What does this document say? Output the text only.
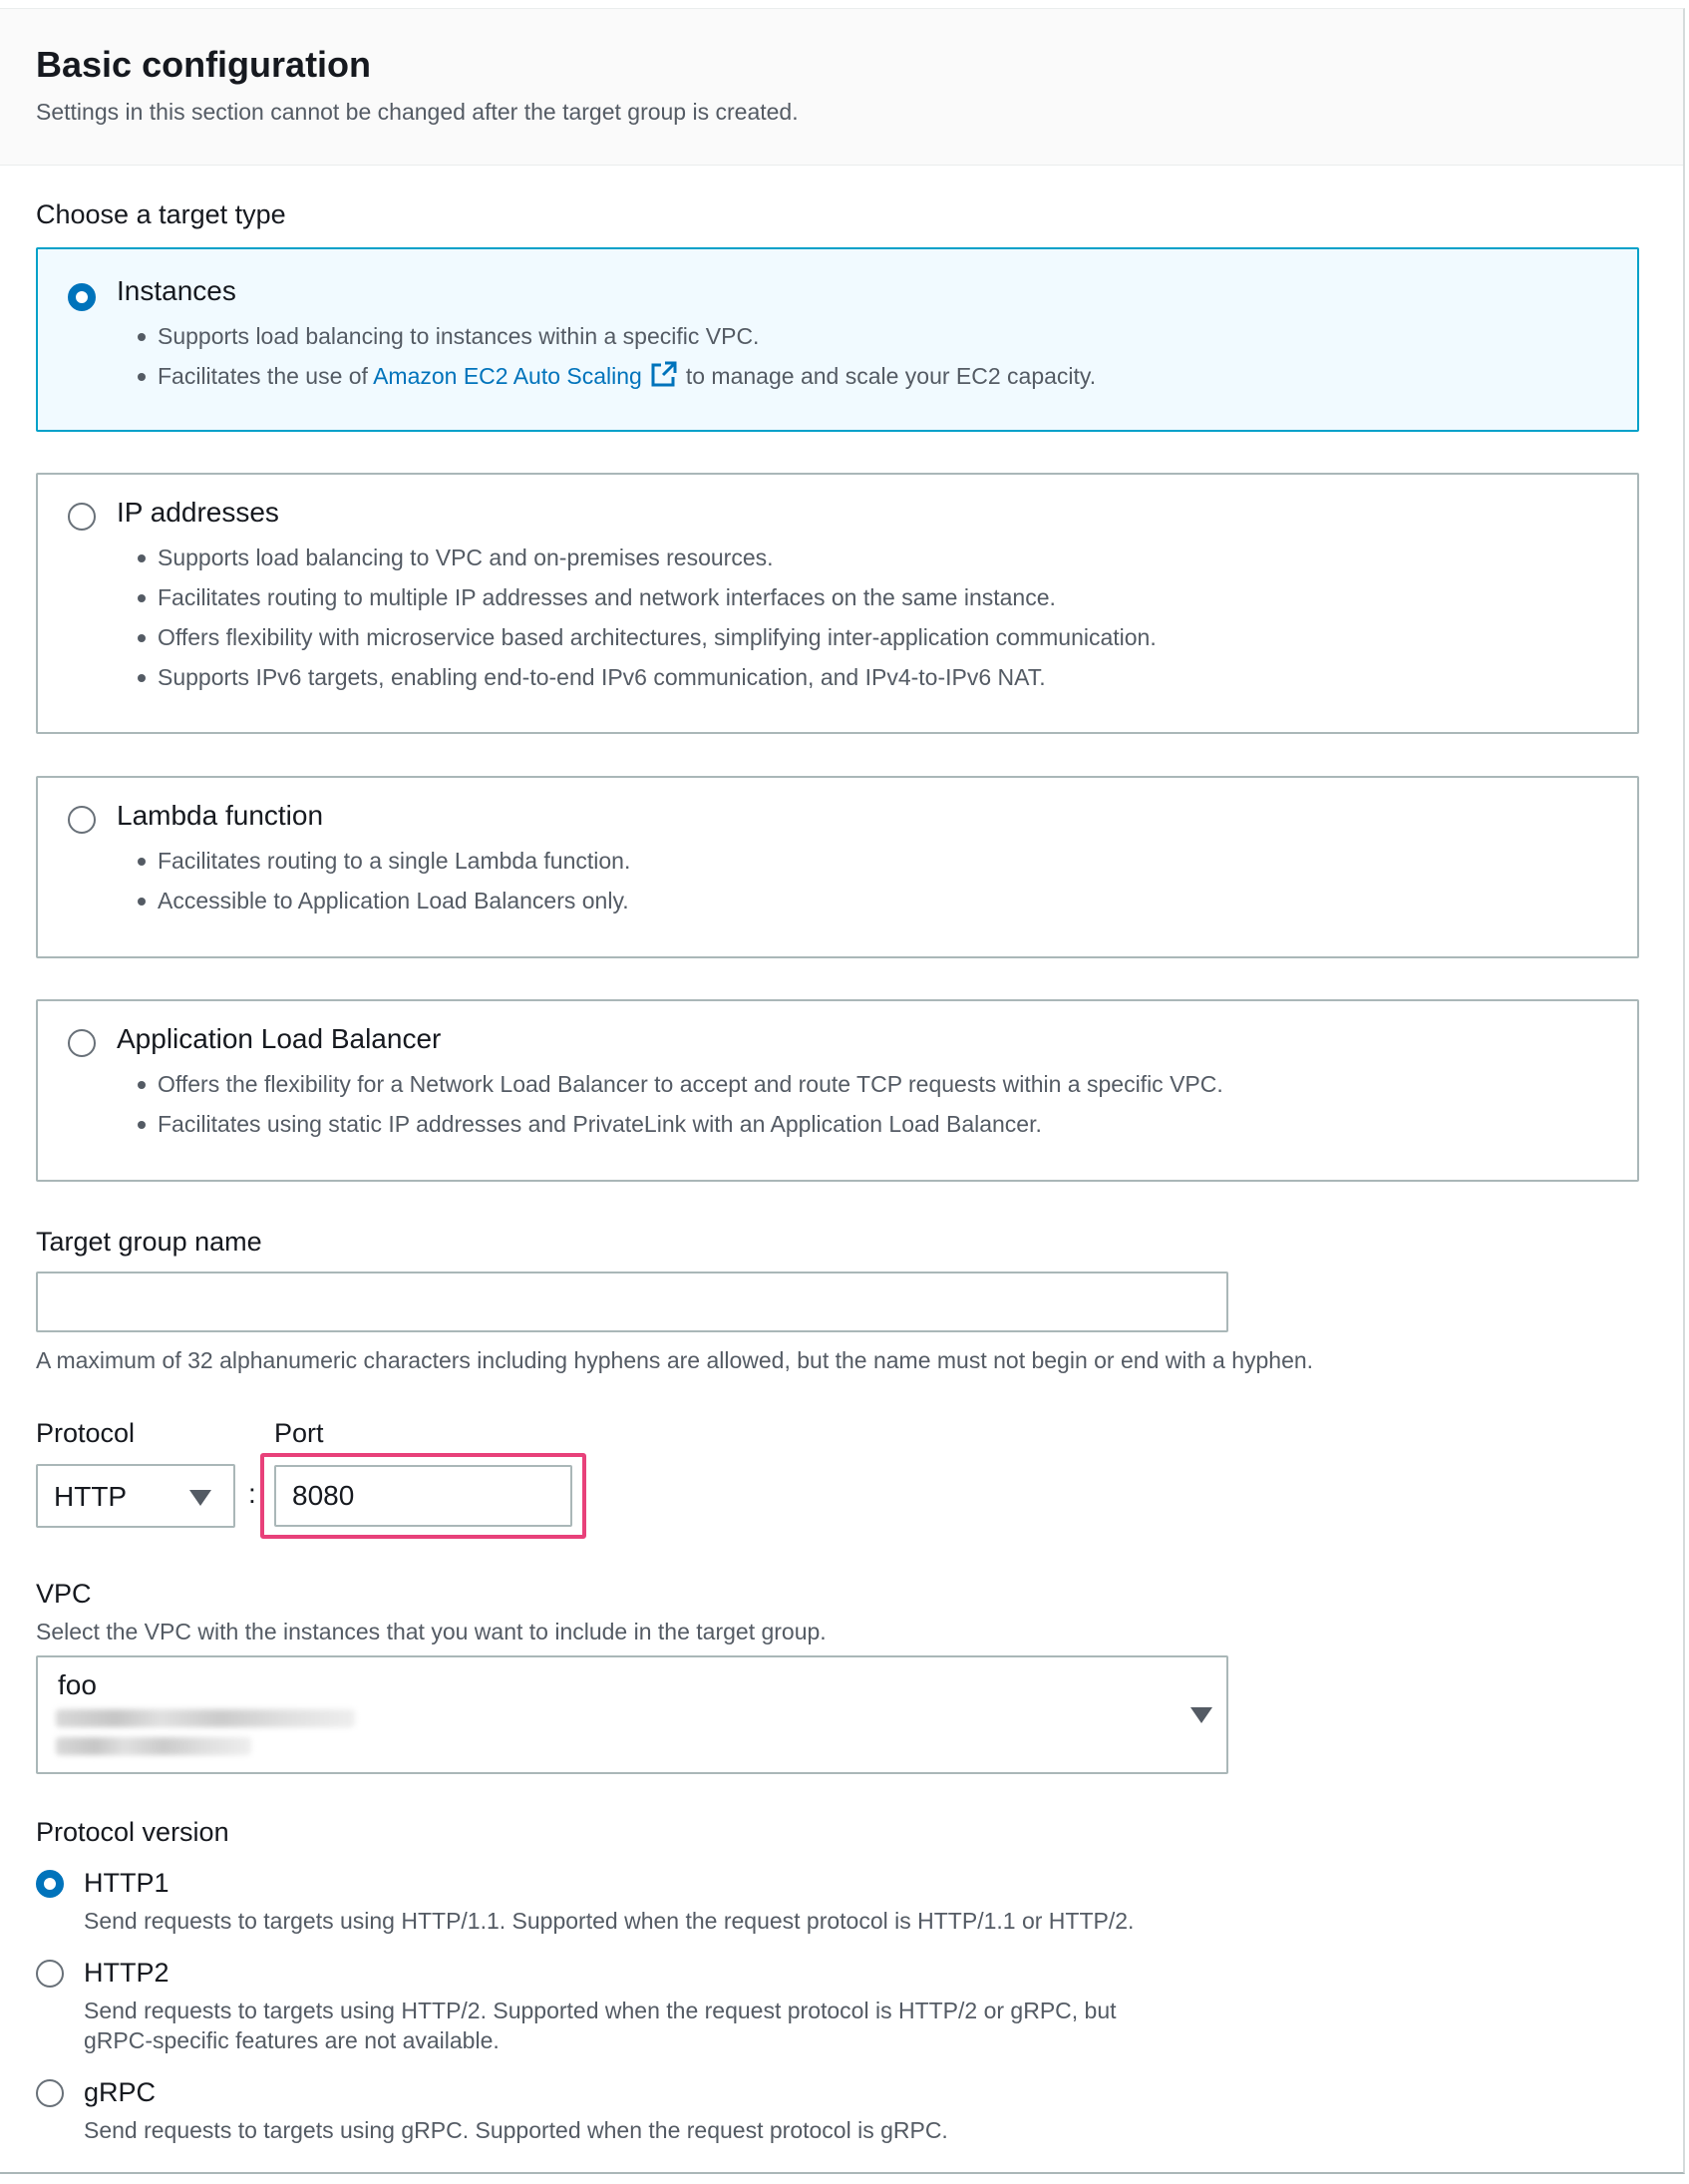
Basic configuration
Settings in this section cannot be changed after the target group is created.
Choose a target type
Instances
Supports load balancing to instances within a specific VPC.
Facilitates the use of Amazon EC2 Auto Scaling to manage and scale your EC2 capacity.
IP addresses
Supports load balancing to VPC and on-premises resources.
Facilitates routing to multiple IP addresses and network interfaces on the same instance.
Offers flexibility with microservice based architectures, simplifying inter-application communication.
Supports IPv6 targets, enabling end-to-end IPv6 communication, and IPv4-to-IPv6 NAT.
Lambda function
Facilitates routing to a single Lambda function.
Accessible to Application Load Balancers only.
Application Load Balancer
Offers the flexibility for a Network Load Balancer to accept and route TCP requests within a specific VPC.
Facilitates using static IP addresses and PrivateLink with an Application Load Balancer.
Target group name
A maximum of 32 alphanumeric characters including hyphens are allowed, but the name must not begin or end with a hyphen.
Protocol	Port
HTTP	:
8080
VPC
Select the VPC with the instances that you want to include in the target group.
foo
Protocol version
HTTP1
Send requests to targets using HTTP/1.1. Supported when the request protocol is HTTP/1.1 or HTTP/2.
HTTP2
Send requests to targets using HTTP/2. Supported when the request protocol is HTTP/2 or gRPC, but
gRPC-specific features are not available.
gRPC
Send requests to targets using gRPC. Supported when the request protocol is gRPC.
